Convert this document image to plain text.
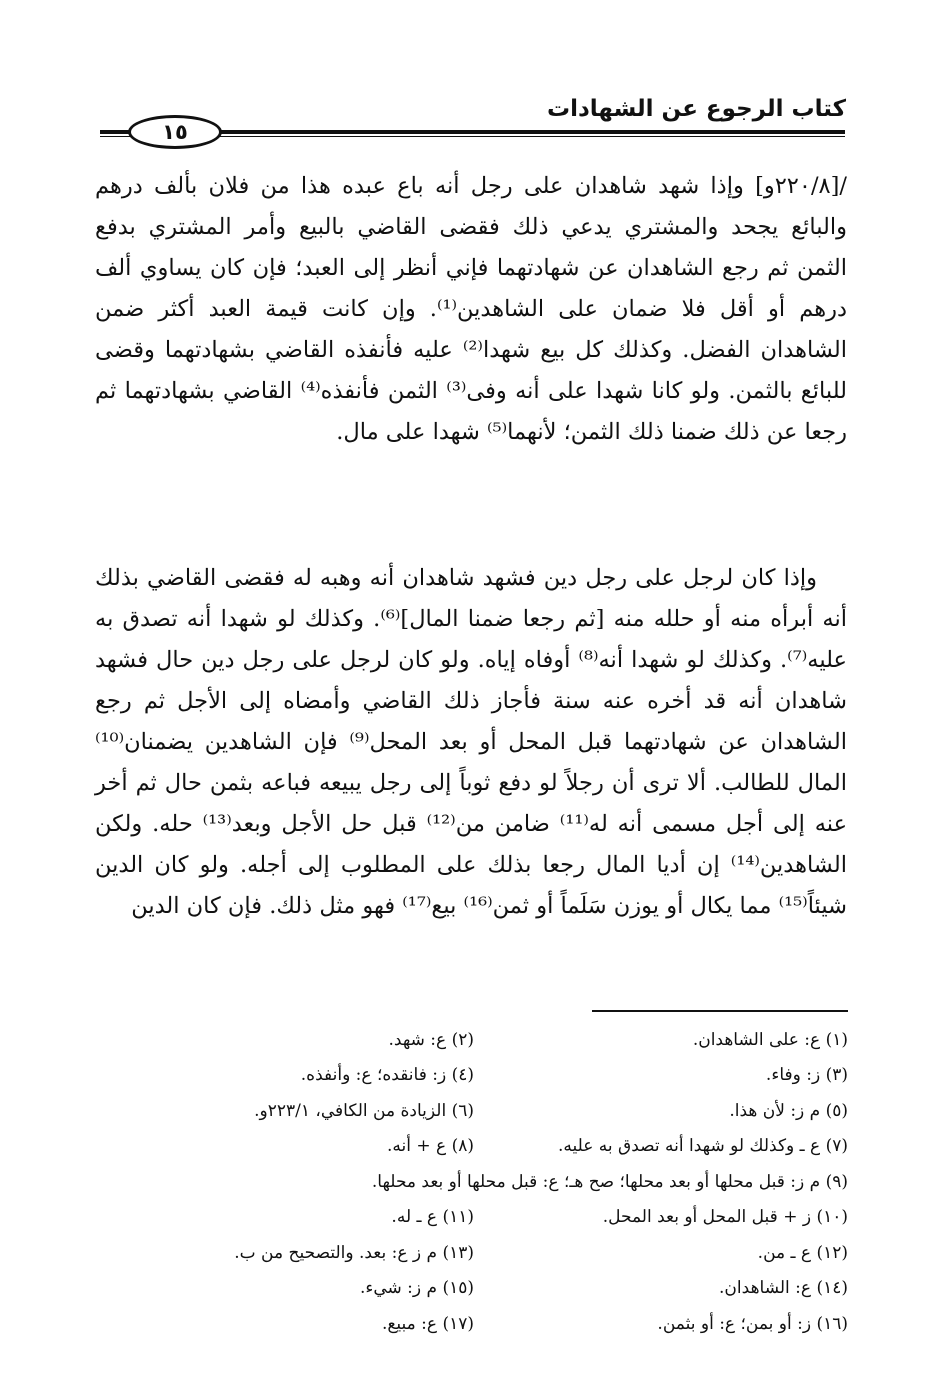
كتاب الرجوع عن الشهادات
١٥

/[٢٢٠/٨و] وإذا شهد شاهدان على رجل أنه باع عبده هذا من فلان بألف درهم والبائع يجحد والمشتري يدعي ذلك فقضى القاضي بالبيع وأمر المشتري بدفع الثمن ثم رجع الشاهدان عن شهادتهما فإني أنظر إلى العبد؛ فإن كان يساوي ألف درهم أو أقل فلا ضمان على الشاهدين⁽¹⁾. وإن كانت قيمة العبد أكثر ضمن الشاهدان الفضل. وكذلك كل بيع شهدا⁽²⁾ عليه فأنفذه القاضي بشهادتهما وقضى للبائع بالثمن. ولو كانا شهدا على أنه وفى⁽³⁾ الثمن فأنفذه⁽⁴⁾ القاضي بشهادتهما ثم رجعا عن ذلك ضمنا ذلك الثمن؛ لأنهما⁽⁵⁾ شهدا على مال.

وإذا كان لرجل على رجل دين فشهد شاهدان أنه وهبه له فقضى القاضي بذلك أنه أبرأه منه أو حلله منه [ثم رجعا ضمنا المال]⁽⁶⁾. وكذلك لو شهدا أنه تصدق به عليه⁽⁷⁾. وكذلك لو شهدا أنه⁽⁸⁾ أوفاه إياه. ولو كان لرجل على رجل دين حال فشهد شاهدان أنه قد أخره عنه سنة فأجاز ذلك القاضي وأمضاه إلى الأجل ثم رجع الشاهدان عن شهادتهما قبل المحل أو بعد المحل⁽⁹⁾ فإن الشاهدين يضمنان⁽¹⁰⁾ المال للطالب. ألا ترى أن رجلاً لو دفع ثوباً إلى رجل يبيعه فباعه بثمن حال ثم أخر عنه إلى أجل مسمى أنه له⁽¹¹⁾ ضامن من⁽¹²⁾ قبل حل الأجل وبعد⁽¹³⁾ حله. ولكن الشاهدين⁽¹⁴⁾ إن أديا المال رجعا بذلك على المطلوب إلى أجله. ولو كان الدين شيئاً⁽¹⁵⁾ مما يكال أو يوزن سَلَماً أو ثمن⁽¹⁶⁾ بيع⁽¹⁷⁾ فهو مثل ذلك. فإن كان الدين

(١) ع: على الشاهدان.
(٢) ع: شهد.
(٣) ز: وفاء.
(٤) ز: فانقده؛ ع: وأنفذه.
(٥) م ز: لأن هذا.
(٦) الزيادة من الكافي، ٢٢٣/١و.
(٧) ع ـ وكذلك لو شهدا أنه تصدق به عليه.
(٨) ع + أنه.
(٩) م ز: قبل محلها أو بعد محلها؛ صح هـ؛ ع: قبل محلها أو بعد محلها.
(١٠) ز + قبل المحل أو بعد المحل.
(١١) ع ـ له.
(١٢) ع ـ من.
(١٣) م ز ع: بعد. والتصحيح من ب.
(١٤) ع: الشاهدان.
(١٥) م ز: شيء.
(١٦) ز: أو بمن؛ ع: أو بثمن.
(١٧) ع: مبيع.
